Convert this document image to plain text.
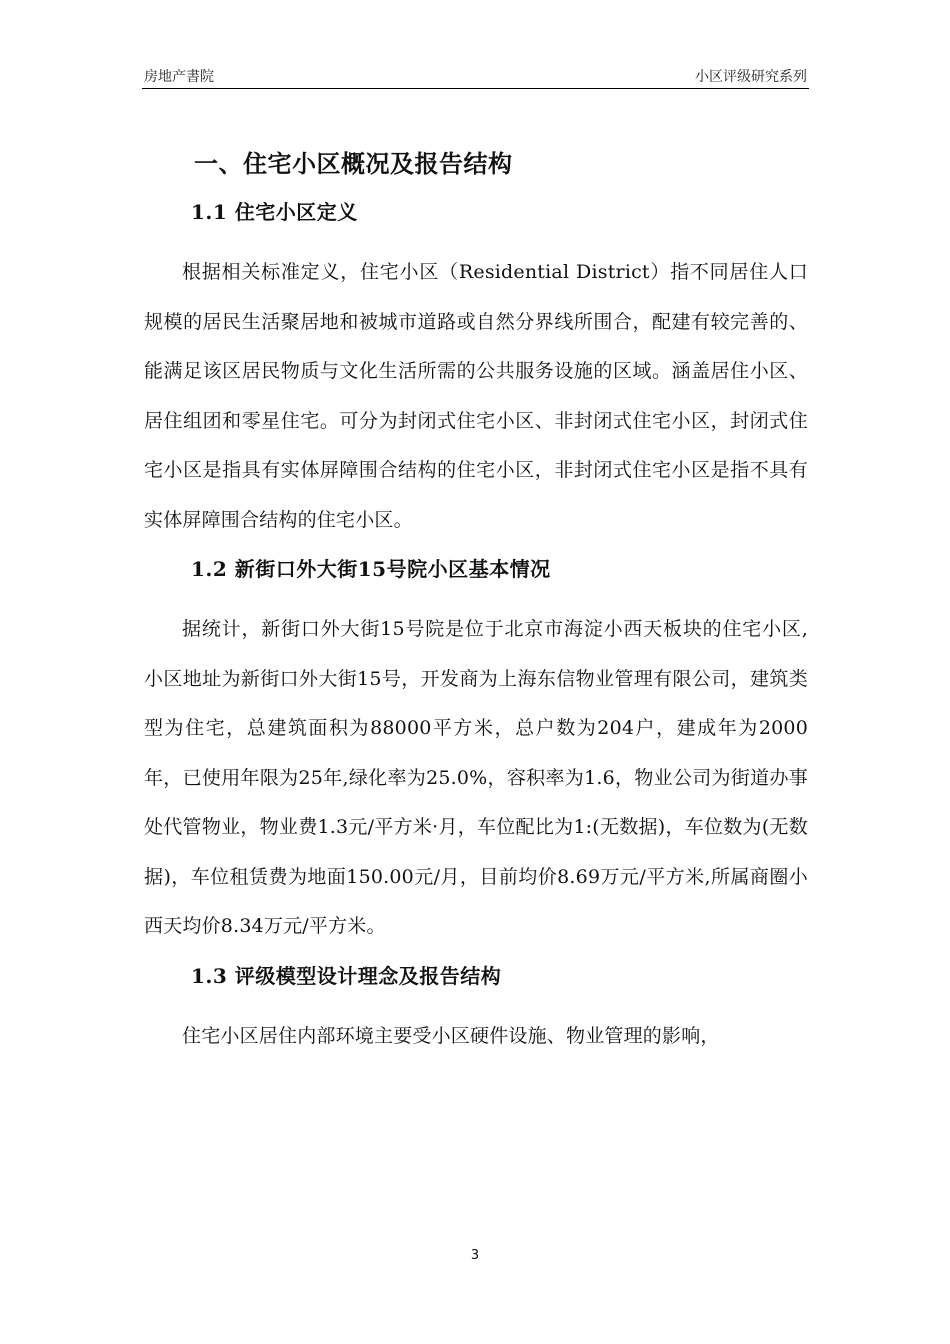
房地产書院	小区评级研究系列
一、住宅小区概况及报告结构
1.1 住宅小区定义

根据相关标准定义，住宅小区（Residential District）指不同居住人口规模的居民生活聚居地和被城市道路或自然分界线所围合，配建有较完善的、能满足该区居民物质与文化生活所需的公共服务设施的区域。涵盖居住小区、居住组团和零星住宅。可分为封闭式住宅小区、非封闭式住宅小区，封闭式住宅小区是指具有实体屏障围合结构的住宅小区，非封闭式住宅小区是指不具有实体屏障围合结构的住宅小区。

1.2 新街口外大街15号院小区基本情况

据统计，新街口外大街15号院是位于北京市海淀小西天板块的住宅小区,小区地址为新街口外大街15号，开发商为上海东信物业管理有限公司，建筑类型为住宅，总建筑面积为88000平方米，总户数为204户，建成年为2000年，已使用年限为25年,绿化率为25.0%，容积率为1.6，物业公司为街道办事处代管物业，物业费1.3元/平方米·月，车位配比为1:(无数据)，车位数为(无数据)，车位租赁费为地面150.00元/月，目前均价8.69万元/平方米,所属商圈小西天均价8.34万元/平方米。

1.3 评级模型设计理念及报告结构

住宅小区居住内部环境主要受小区硬件设施、物业管理的影响，

3
